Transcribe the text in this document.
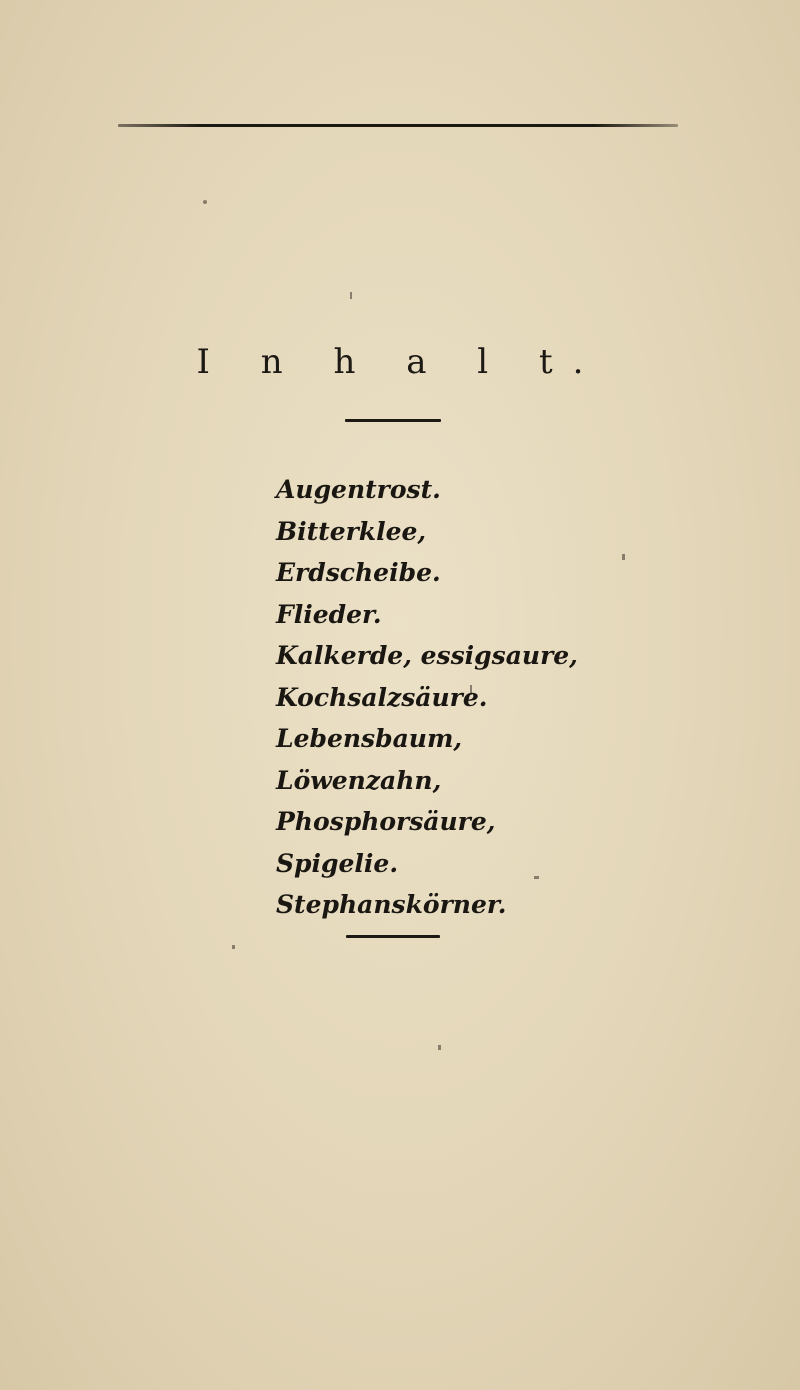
I n h a l t.
Augentrost.
Bitterklee,
Erdscheibe.
Flieder.
Kalkerde, essigsaure,
Kochsalzsäure.
Lebensbaum,
Löwenzahn,
Phosphorsäure,
Spigelie.
Stephanskörner.
